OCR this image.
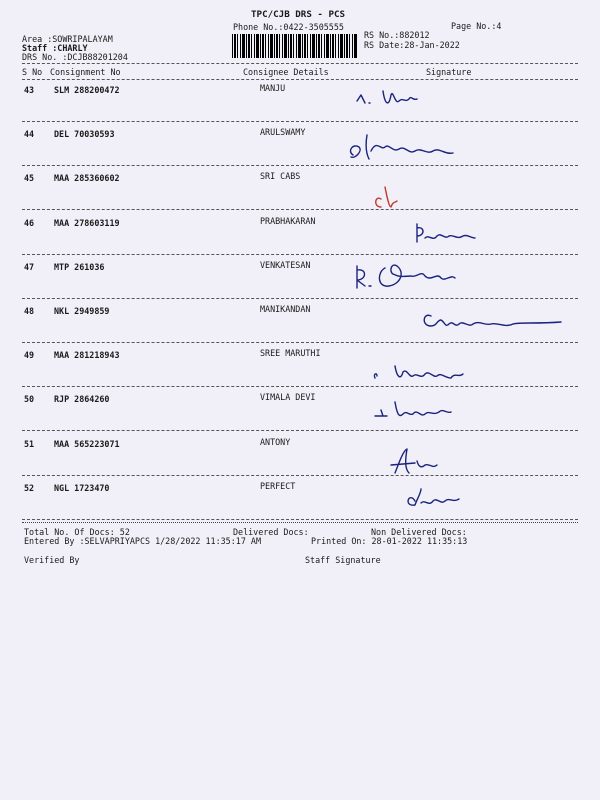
TPC/CJB DRS - PCS
Phone No.:0422-3505555	Page No.:4
Area :SOWRIPALAYAM
Staff :CHARLY
DRS No. :DCJB88201204
RS No.:882012
RS Date:28-Jan-2022
S No Consignment No	Consignee Details	Signature
43 SLM 288200472	MANJU
44 DEL 70030593	ARULSWAMY
45 MAA 285360602	SRI CABS
46 MAA 278603119	PRABHAKARAN
47 MTP 261036	VENKATESAN
48 NKL 2949859	MANIKANDAN
49 MAA 281218943	SREE MARUTHI
50 RJP 2864260	VIMALA DEVI
51 MAA 565223071	ANTONY
52 NGL 1723470	PERFECT
Total No. Of Docs: 52	Delivered Docs:	Non Delivered Docs:
Entered By :SELVAPRIYAPCS 1/28/2022 11:35:17 AM	Printed On: 28-01-2022 11:35:13
Verified By	Staff Signature
